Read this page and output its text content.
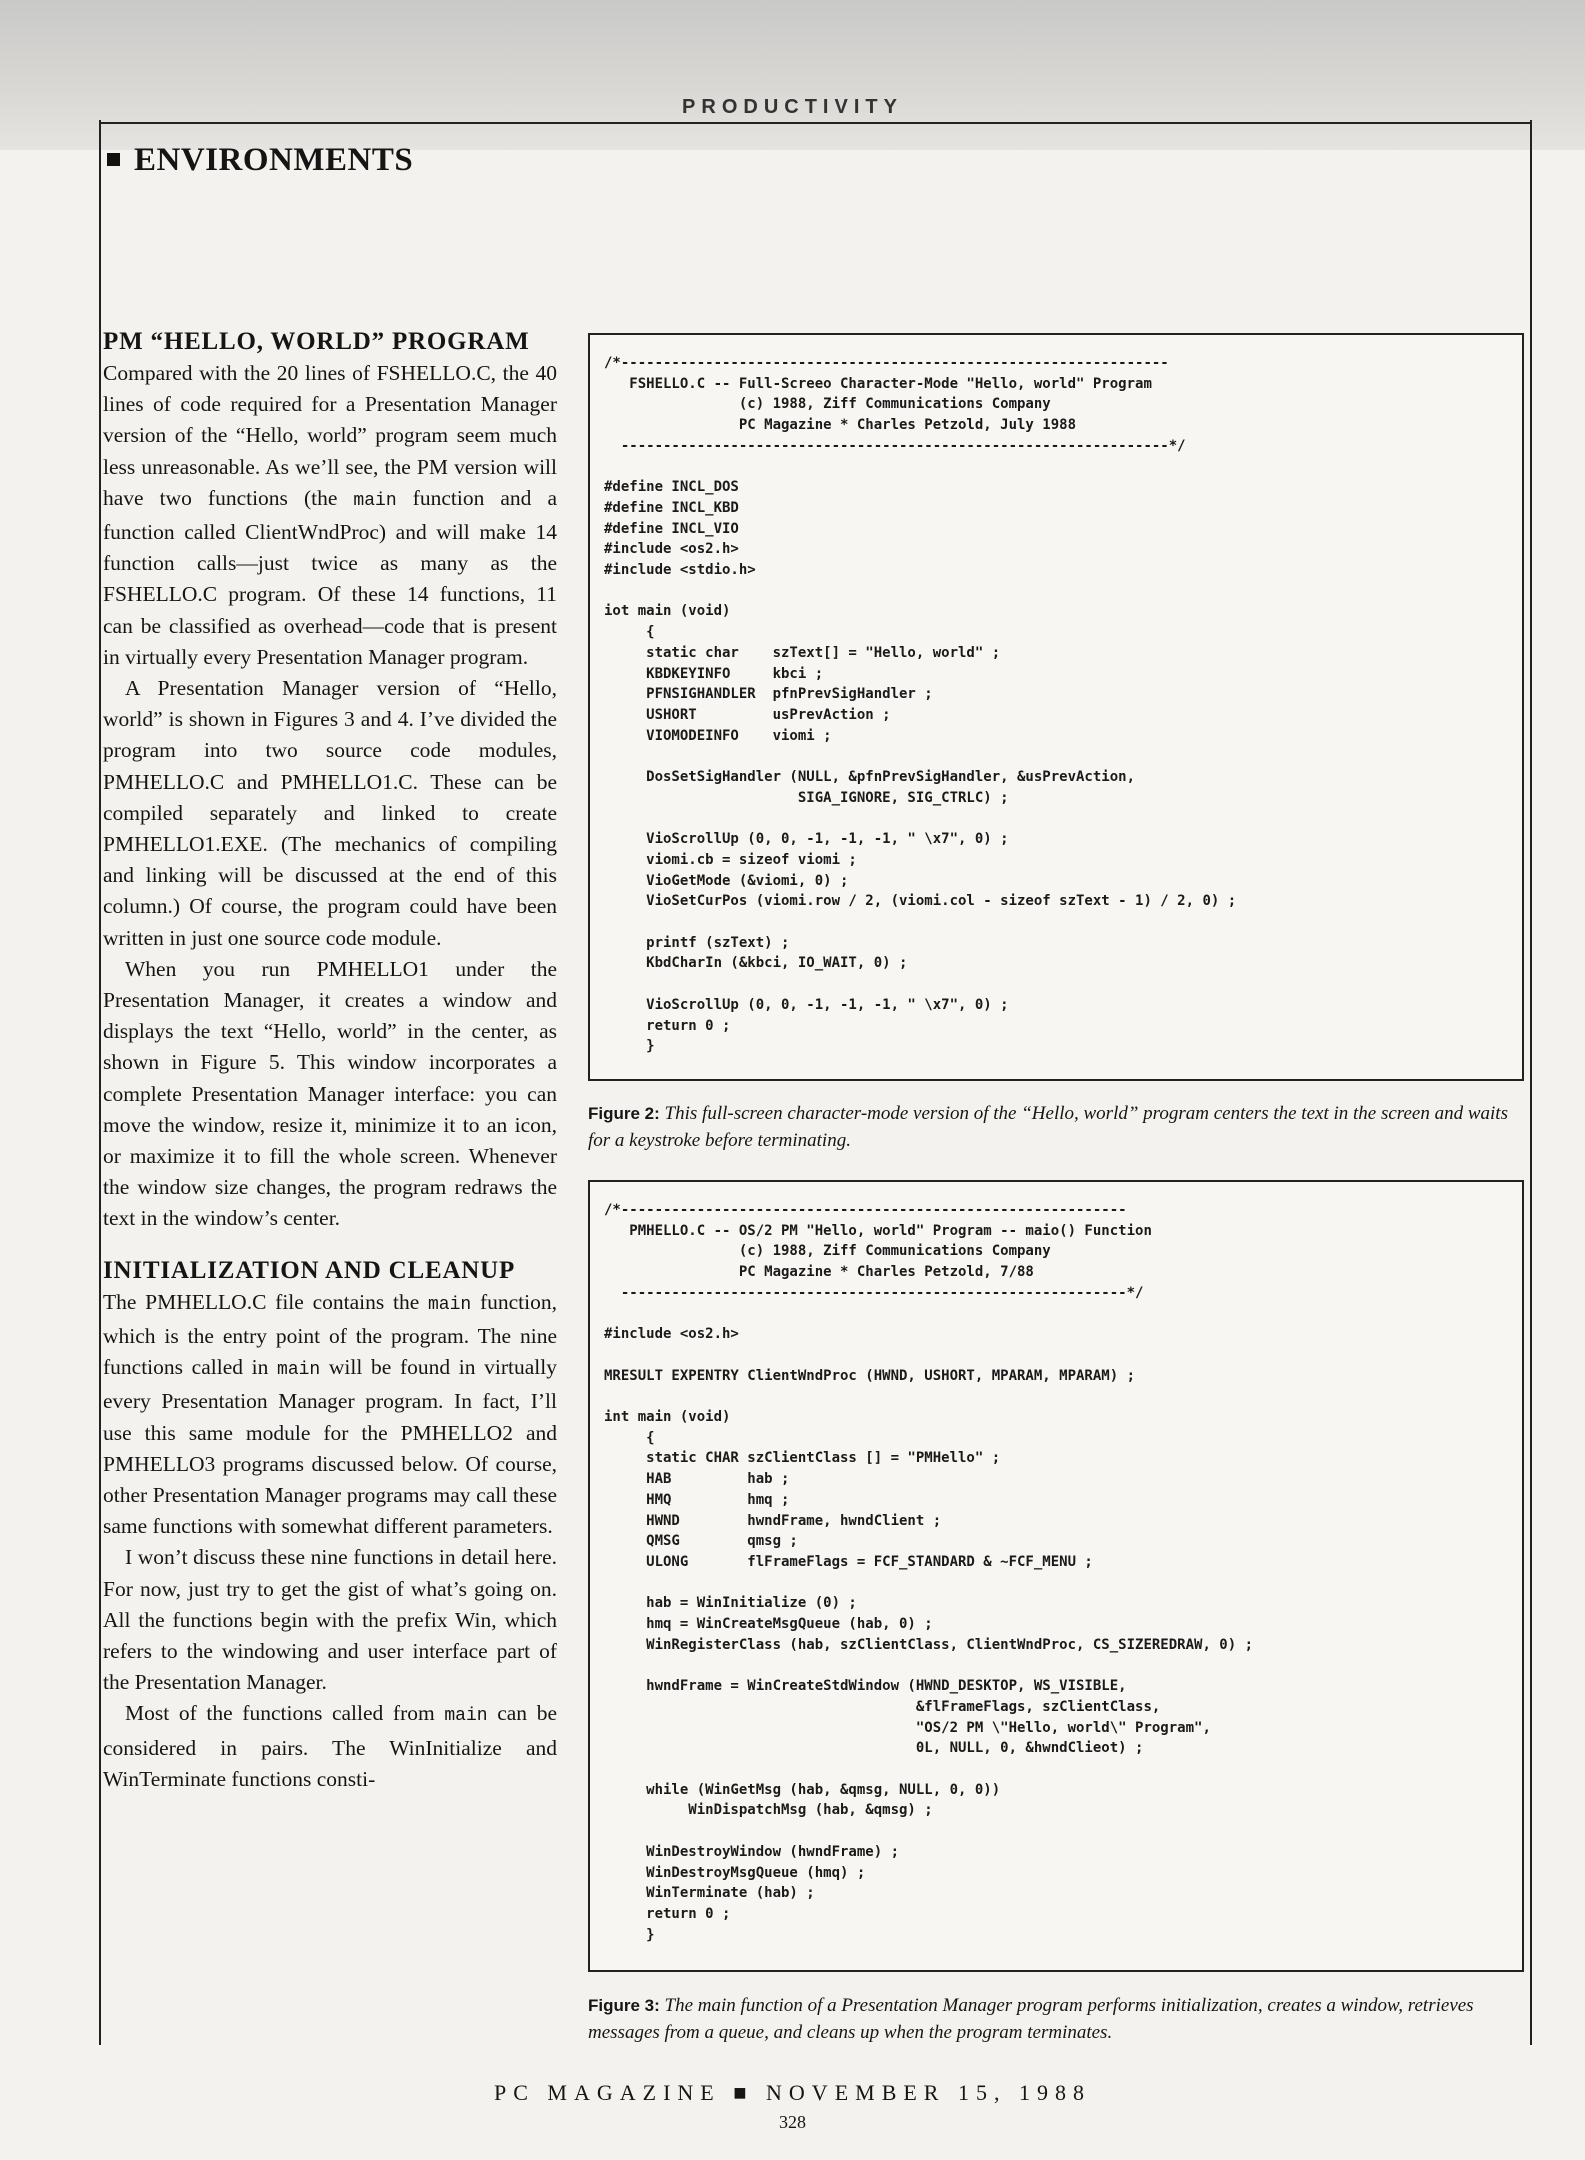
PRODUCTIVITY
ENVIRONMENTS
PM “HELLO, WORLD” PROGRAM

Compared with the 20 lines of FSHELLO.C, the 40 lines of code required for a Presentation Manager version of the “Hello, world” program seem much less unreasonable. As we’ll see, the PM version will have two functions (the main function and a function called ClientWndProc) and will make 14 function calls—just twice as many as the FSHELLO.C program. Of these 14 functions, 11 can be classified as overhead—code that is present in virtually every Presentation Manager program.

A Presentation Manager version of “Hello, world” is shown in Figures 3 and 4. I’ve divided the program into two source code modules, PMHELLO.C and PMHELLO1.C. These can be compiled separately and linked to create PMHELLO1.EXE. (The mechanics of compiling and linking will be discussed at the end of this column.) Of course, the program could have been written in just one source code module.

When you run PMHELLO1 under the Presentation Manager, it creates a window and displays the text “Hello, world” in the center, as shown in Figure 5. This window incorporates a complete Presentation Manager interface: you can move the window, resize it, minimize it to an icon, or maximize it to fill the whole screen. Whenever the window size changes, the program redraws the text in the window’s center.

INITIALIZATION AND CLEANUP

The PMHELLO.C file contains the main function, which is the entry point of the program. The nine functions called in main will be found in virtually every Presentation Manager program. In fact, I’ll use this same module for the PMHELLO2 and PMHELLO3 programs discussed below. Of course, other Presentation Manager programs may call these same functions with somewhat different parameters.

I won’t discuss these nine functions in detail here. For now, just try to get the gist of what’s going on. All the functions begin with the prefix Win, which refers to the windowing and user interface part of the Presentation Manager.

Most of the functions called from main can be considered in pairs. The WinInitialize and WinTerminate functions consti-

/*-----------------------------------------------------------------
FSHELLO.C -- Full-Screeo Character-Mode "Hello, world" Program
(c) 1988, Ziff Communications Company
PC Magazine * Charles Petzold, July 1988
-----------------------------------------------------------------*/

#define INCL_DOS
#define INCL_KBD
#define INCL_VIO
#include <os2.h>
#include <stdio.h>

iot main (void)
{
static char    szText[] = "Hello, world" ;
KBDKEYINFO     kbci ;
PFNSIGHANDLER  pfnPrevSigHandler ;
USHORT         usPrevAction ;
VIOMODEINFO    viomi ;

DosSetSigHandler (NULL, &pfnPrevSigHandler, &usPrevAction,
SIGA_IGNORE, SIG_CTRLC) ;

VioScrollUp (0, 0, -1, -1, -1, " \x7", 0) ;
viomi.cb = sizeof viomi ;
VioGetMode (&viomi, 0) ;
VioSetCurPos (viomi.row / 2, (viomi.col - sizeof szText - 1) / 2, 0) ;

printf (szText) ;
KbdCharIn (&kbci, IO_WAIT, 0) ;

VioScrollUp (0, 0, -1, -1, -1, " \x7", 0) ;
return 0 ;
}
Figure 2: This full-screen character-mode version of the “Hello, world” program centers the text in the screen and waits for a keystroke before terminating.
/*------------------------------------------------------------
PMHELLO.C -- OS/2 PM "Hello, world" Program -- maio() Function
(c) 1988, Ziff Communications Company
PC Magazine * Charles Petzold, 7/88
------------------------------------------------------------*/

#include <os2.h>

MRESULT EXPENTRY ClientWndProc (HWND, USHORT, MPARAM, MPARAM) ;

int main (void)
{
static CHAR szClientClass [] = "PMHello" ;
HAB         hab ;
HMQ         hmq ;
HWND        hwndFrame, hwndClient ;
QMSG        qmsg ;
ULONG       flFrameFlags = FCF_STANDARD & ~FCF_MENU ;

hab = WinInitialize (0) ;
hmq = WinCreateMsgQueue (hab, 0) ;
WinRegisterClass (hab, szClientClass, ClientWndProc, CS_SIZEREDRAW, 0) ;

hwndFrame = WinCreateStdWindow (HWND_DESKTOP, WS_VISIBLE,
&flFrameFlags, szClientClass,
"OS/2 PM \"Hello, world\" Program",
0L, NULL, 0, &hwndClieot) ;

while (WinGetMsg (hab, &qmsg, NULL, 0, 0))
WinDispatchMsg (hab, &qmsg) ;

WinDestroyWindow (hwndFrame) ;
WinDestroyMsgQueue (hmq) ;
WinTerminate (hab) ;
return 0 ;
}
Figure 3: The main function of a Presentation Manager program performs initialization, creates a window, retrieves messages from a queue, and cleans up when the program terminates.
PC MAGAZINE ■ NOVEMBER 15, 1988
328
